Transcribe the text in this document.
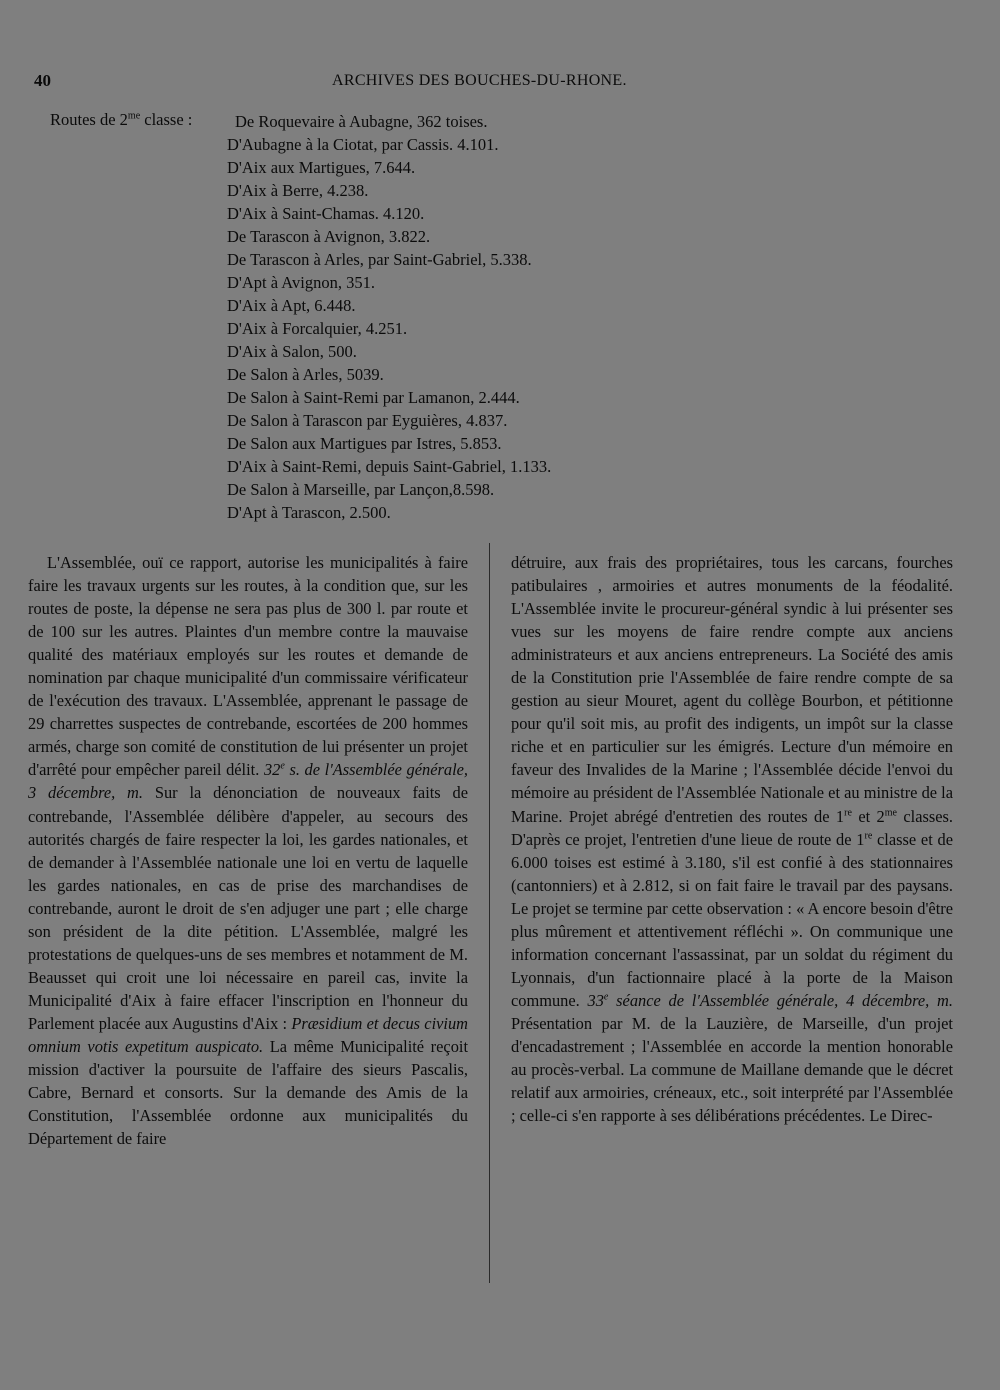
40	ARCHIVES DES BOUCHES-DU-RHONE.
Routes de $2^{me}$ classe :	De Roquevaire à Aubagne, 362 toises.
D'Aubagne à la Ciotat, par Cassis. 4.101.
D'Aix aux Martigues, 7.644.
D'Aix à Berre, 4.238.
D'Aix à Saint-Chamas. 4.120.
De Tarascon à Avignon, 3.822.
De Tarascon à Arles, par Saint-Gabriel, 5.338.
D'Apt à Avignon, 351.
D'Aix à Apt, 6.448.
D'Aix à Forcalquier, 4.251.
D'Aix à Salon, 500.
De Salon à Arles, 5039.
De Salon à Saint-Remi par Lamanon, 2.444.
De Salon à Tarascon par Eyguières, 4.837.
De Salon aux Martigues par Istres, 5.853.
D'Aix à Saint-Remi, depuis Saint-Gabriel, 1.133.
De Salon à Marseille, par Lançon,8.598.
D'Apt à Tarascon, 2.500.

L'Assemblée, ouï ce rapport, autorise les municipalités à faire faire les travaux urgents sur les routes, à la condition que, sur les routes de poste, la dépense ne sera pas plus de 300 l. par route et de 100 sur les autres. Plaintes d'un membre contre la mauvaise qualité des matériaux employés sur les routes et demande de nomination par chaque municipalité d'un commissaire vérificateur de l'exécution des travaux. L'Assemblée, apprenant le passage de 29 charrettes suspectes de contrebande, escortées de 200 hommes armés, charge son comité de constitution de lui présenter un projet d'arrêté pour empêcher pareil délit. 32e s. de l'Assemblée générale, 3 décembre, m. Sur la dénonciation de nouveaux faits de contrebande, l'Assemblée délibère d'appeler, au secours des autorités chargés de faire respecter la loi, les gardes nationales, et de demander à l'Assemblée nationale une loi en vertu de laquelle les gardes nationales, en cas de prise des marchandises de contrebande, auront le droit de s'en adjuger une part ; elle charge son président de la dite pétition. L'Assemblée, malgré les protestations de quelques-uns de ses membres et notamment de M. Beausset qui croit une loi nécessaire en pareil cas, invite la Municipalité d'Aix à faire effacer l'inscription en l'honneur du Parlement placée aux Augustins d'Aix : Præsidium et decus civium omnium votis expetitum auspicato. La même Municipalité reçoit mission d'activer la poursuite de l'affaire des sieurs Pascalis, Cabre, Bernard et consorts. Sur la demande des Amis de la Constitution, l'Assemblée ordonne aux municipalités du Département de faire

détruire, aux frais des propriétaires, tous les carcans, fourches patibulaires , armoiries et autres monuments de la féodalité. L'Assemblée invite le procureur-général syndic à lui présenter ses vues sur les moyens de faire rendre compte aux anciens administrateurs et aux anciens entrepreneurs. La Société des amis de la Constitution prie l'Assemblée de faire rendre compte de sa gestion au sieur Mouret, agent du collège Bourbon, et pétitionne pour qu'il soit mis, au profit des indigents, un impôt sur la classe riche et en particulier sur les émigrés. Lecture d'un mémoire en faveur des Invalides de la Marine ; l'Assemblée décide l'envoi du mémoire au président de l'Assemblée Nationale et au ministre de la Marine. Projet abrégé d'entretien des routes de 1re et $2^{me}$ classes. D'après ce projet, l'entretien d'une lieue de route de 1re classe et de 6.000 toises est estimé à 3.180, s'il est confié à des stationnaires (cantonniers) et à 2.812, si on fait faire le travail par des paysans. Le projet se termine par cette observation : « A encore besoin d'être plus mûrement et attentivement réfléchi ». On communique une information concernant l'assassinat, par un soldat du régiment du Lyonnais, d'un factionnaire placé à la porte de la Maison commune. 33e séance de l'Assemblée générale, 4 décembre, m. Présentation par M. de la Lauzière, de Marseille, d'un projet d'encadastrement ; l'Assemblée en accorde la mention honorable au procès-verbal. La commune de Maillane demande que le décret relatif aux armoiries, créneaux, etc., soit interprété par l'Assemblée ; celle-ci s'en rapporte à ses délibérations précédentes. Le Direc-
